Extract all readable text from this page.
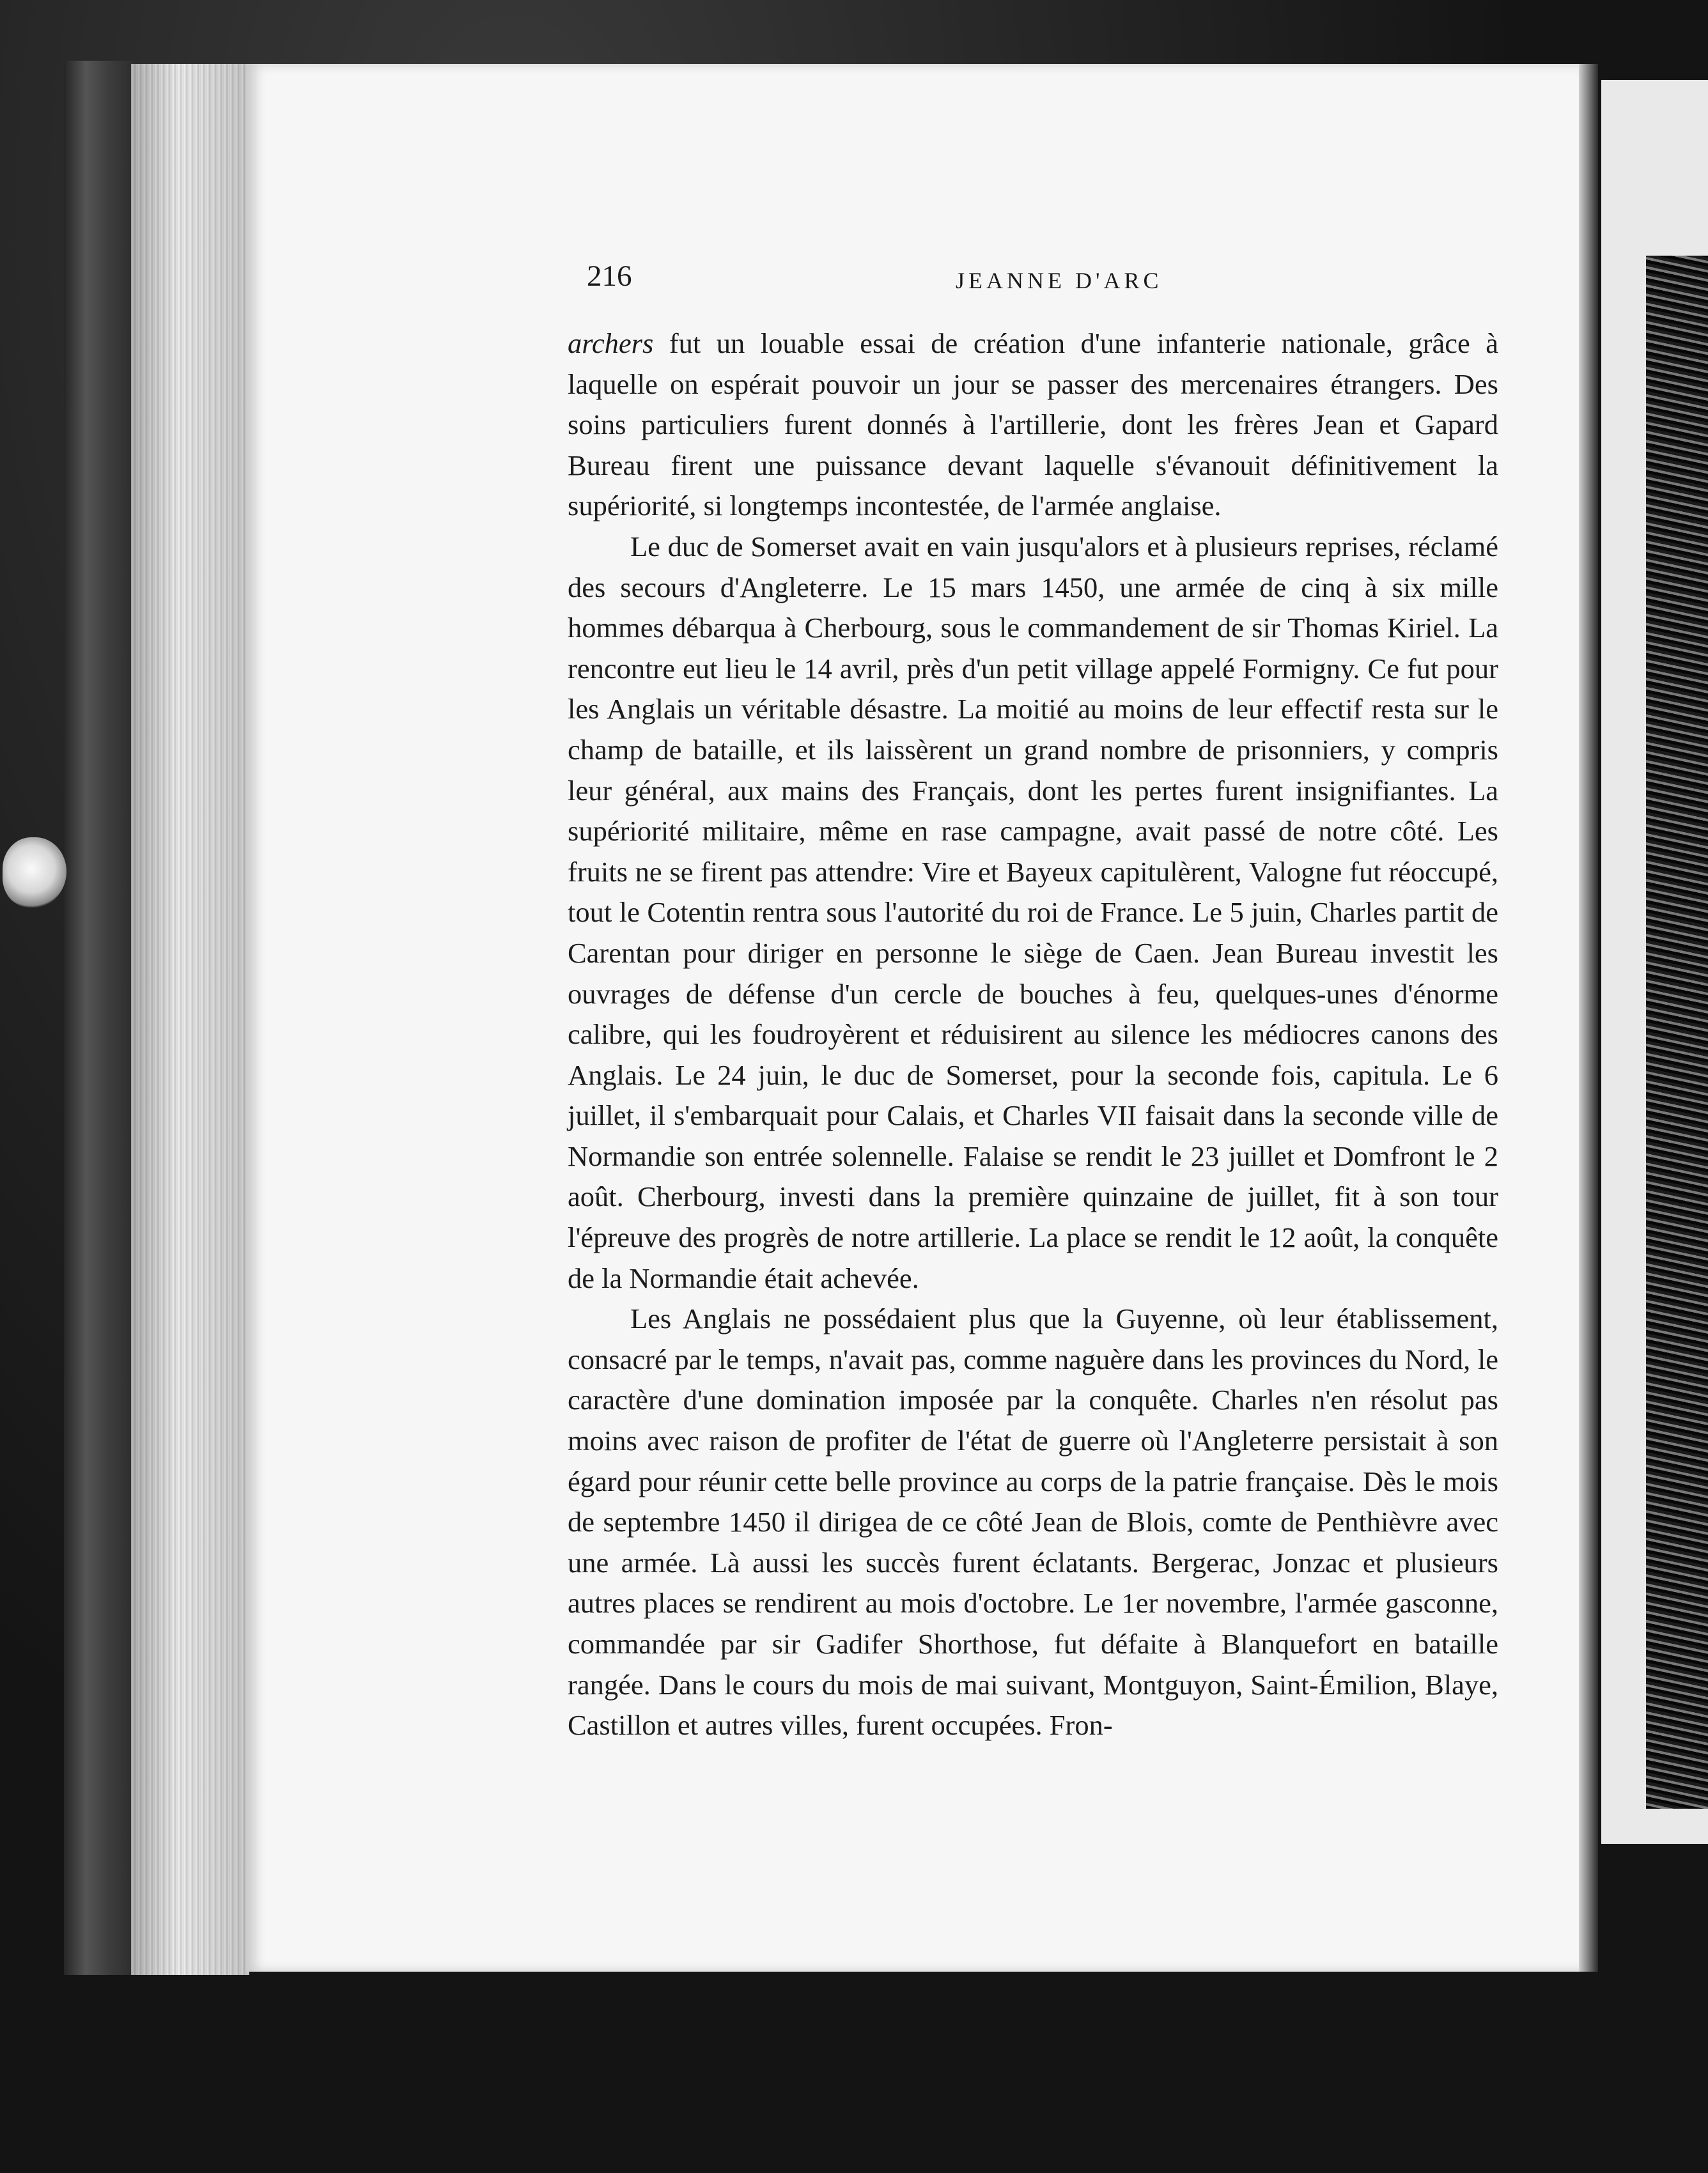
216	JEANNE D'ARC

archers fut un louable essai de création d'une infanterie nationale, grâce à laquelle on espérait pouvoir un jour se passer des mercenaires étrangers. Des soins particuliers furent donnés à l'artillerie, dont les frères Jean et Gapard Bureau firent une puissance devant laquelle s'évanouit définitivement la supériorité, si longtemps incontestée, de l'armée anglaise.

Le duc de Somerset avait en vain jusqu'alors et à plusieurs reprises, réclamé des secours d'Angleterre. Le 15 mars 1450, une armée de cinq à six mille hommes débarqua à Cherbourg, sous le commandement de sir Thomas Kiriel. La rencontre eut lieu le 14 avril, près d'un petit village appelé Formigny. Ce fut pour les Anglais un véritable désastre. La moitié au moins de leur effectif resta sur le champ de bataille, et ils laissèrent un grand nombre de prisonniers, y compris leur général, aux mains des Français, dont les pertes furent insignifiantes. La supériorité militaire, même en rase campagne, avait passé de notre côté. Les fruits ne se firent pas attendre: Vire et Bayeux capitulèrent, Valogne fut réoccupé, tout le Cotentin rentra sous l'autorité du roi de France. Le 5 juin, Charles partit de Carentan pour diriger en personne le siège de Caen. Jean Bureau investit les ouvrages de défense d'un cercle de bouches à feu, quelques-unes d'énorme calibre, qui les foudroyèrent et réduisirent au silence les médiocres canons des Anglais. Le 24 juin, le duc de Somerset, pour la seconde fois, capitula. Le 6 juillet, il s'embarquait pour Calais, et Charles VII faisait dans la seconde ville de Normandie son entrée solennelle. Falaise se rendit le 23 juillet et Domfront le 2 août. Cherbourg, investi dans la première quinzaine de juillet, fit à son tour l'épreuve des progrès de notre artillerie. La place se rendit le 12 août, la conquête de la Normandie était achevée.

Les Anglais ne possédaient plus que la Guyenne, où leur établissement, consacré par le temps, n'avait pas, comme naguère dans les provinces du Nord, le caractère d'une domination imposée par la conquête. Charles n'en résolut pas moins avec raison de profiter de l'état de guerre où l'Angleterre persistait à son égard pour réunir cette belle province au corps de la patrie française. Dès le mois de septembre 1450 il dirigea de ce côté Jean de Blois, comte de Penthièvre avec une armée. Là aussi les succès furent éclatants. Bergerac, Jonzac et plusieurs autres places se rendirent au mois d'octobre. Le 1er novembre, l'armée gasconne, commandée par sir Gadifer Shorthose, fut défaite à Blanquefort en bataille rangée. Dans le cours du mois de mai suivant, Montguyon, Saint-Émilion, Blaye, Castillon et autres villes, furent occupées. Fron-
